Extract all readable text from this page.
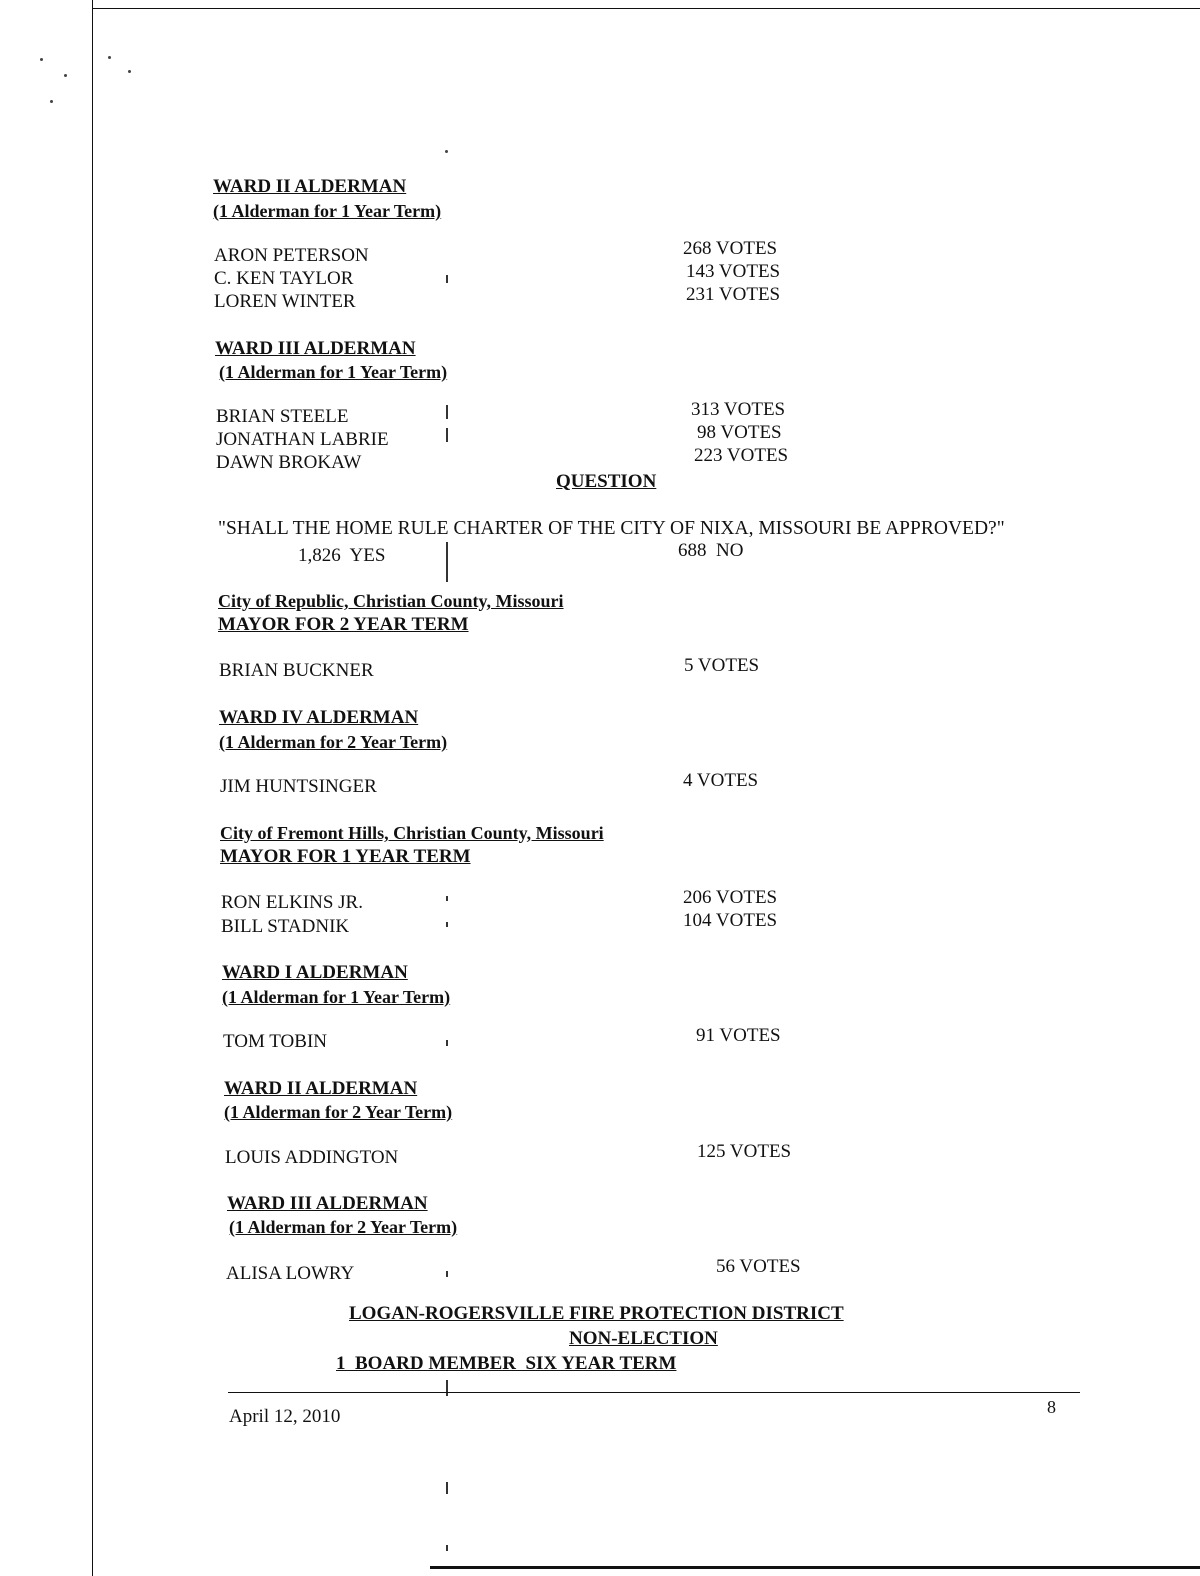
WARD II ALDERMAN
(1 Alderman for 1 Year Term)
ARON PETERSON	268 VOTES
C. KEN TAYLOR	143 VOTES
LOREN WINTER	231 VOTES
WARD III ALDERMAN
(1 Alderman for 1 Year Term)
BRIAN STEELE	313 VOTES
JONATHAN LABRIE	98 VOTES
DAWN BROKAW	223 VOTES
QUESTION
"SHALL THE HOME RULE CHARTER OF THE CITY OF NIXA, MISSOURI BE APPROVED?"
1,826  YES	688  NO
City of Republic, Christian County, Missouri
MAYOR FOR 2 YEAR TERM
BRIAN BUCKNER	5 VOTES
WARD IV ALDERMAN
(1 Alderman for 2 Year Term)
JIM HUNTSINGER	4 VOTES
City of Fremont Hills, Christian County, Missouri
MAYOR FOR 1 YEAR TERM
RON ELKINS JR.	206 VOTES
BILL STADNIK	104 VOTES
WARD I ALDERMAN
(1 Alderman for 1 Year Term)
TOM TOBIN	91 VOTES
WARD II ALDERMAN
(1 Alderman for 2 Year Term)
LOUIS ADDINGTON	125 VOTES
WARD III ALDERMAN
(1 Alderman for 2 Year Term)
ALISA LOWRY	56 VOTES
LOGAN-ROGERSVILLE FIRE PROTECTION DISTRICT
NON-ELECTION
1  BOARD MEMBER  SIX YEAR TERM
April 12, 2010	8
